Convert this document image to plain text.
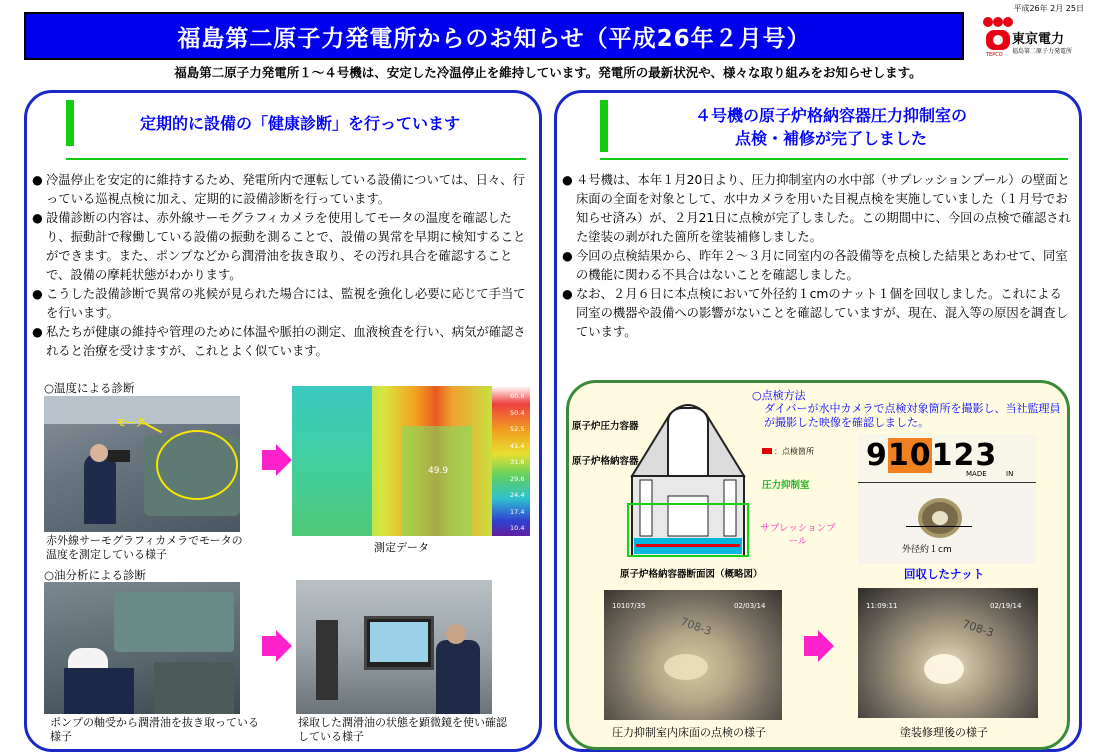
平成26年 2月 25日
福島第二原子力発電所からのお知らせ（平成26年２月号）	東京電力
福島第二原子力発電所
TEPCO
福島第二原子力発電所１～４号機は、安定した冷温停止を維持しています。発電所の最新状況や、様々な取り組みをお知らせします。
定期的に設備の「健康診断」を行っています
● 冷温停止を安定的に維持するため、発電所内で運転している設備については、日々、行っている巡視点検に加え、定期的に設備診断を行っています。
● 設備診断の内容は、赤外線サーモグラフィカメラを使用してモータの温度を確認したり、振動計で稼働している設備の振動を測ることで、設備の異常を早期に検知することができます。また、ポンプなどから潤滑油を抜き取り、その汚れ具合を確認することで、設備の摩耗状態がわかります。
● こうした設備診断で異常の兆候が見られた場合には、監視を強化し必要に応じて手当てを行います。
● 私たちが健康の維持や管理のために体温や脈拍の測定、血液検査を行い、病気が確認されると治療を受けますが、これとよく似ています。
○温度による診断
モータ
49.9
60.8
50.4
52.5
41.4
31.6
29.6
24.4
17.4
10.4
赤外線サーモグラフィカメラでモータの温度を測定している様子
測定データ
○油分析による診断
ポンプの軸受から潤滑油を抜き取っている様子
採取した潤滑油の状態を顕微鏡を使い確認している様子
４号機の原子炉格納容器圧力抑制室の
点検・補修が完了しました
● ４号機は、本年１月20日より、圧力抑制室内の水中部（サプレッションプール）の壁面と床面の全面を対象として、水中カメラを用いた目視点検を実施していました（１月号でお知らせ済み）が、２月21日に点検が完了しました。この期間中に、今回の点検で確認された塗装の剥がれた箇所を塗装補修しました。
● 今回の点検結果から、昨年２～３月に同室内の各設備等を点検した結果とあわせて、同室の機能に関わる不具合はないことを確認しました。
● なお、２月６日に本点検において外径約１cmのナット１個を回収しました。これによる同室の機器や設備への影響がないことを確認していますが、現在、混入等の原因を調査しています。
○点検方法
ダイバーが水中カメラで点検対象箇所を撮影し、当社監理員が撮影した映像を確認しました。
原子炉圧力容器
原子炉格納容器
：点検箇所
圧力抑制室
サプレッションプール
原子炉格納容器断面図（概略図）
910123
MADE	IN
外径約１cm
回収したナット
10107/35	02/03/14
708-3
11:09:11	02/19/14
708-3
圧力抑制室内床面の点検の様子	塗装修理後の様子
